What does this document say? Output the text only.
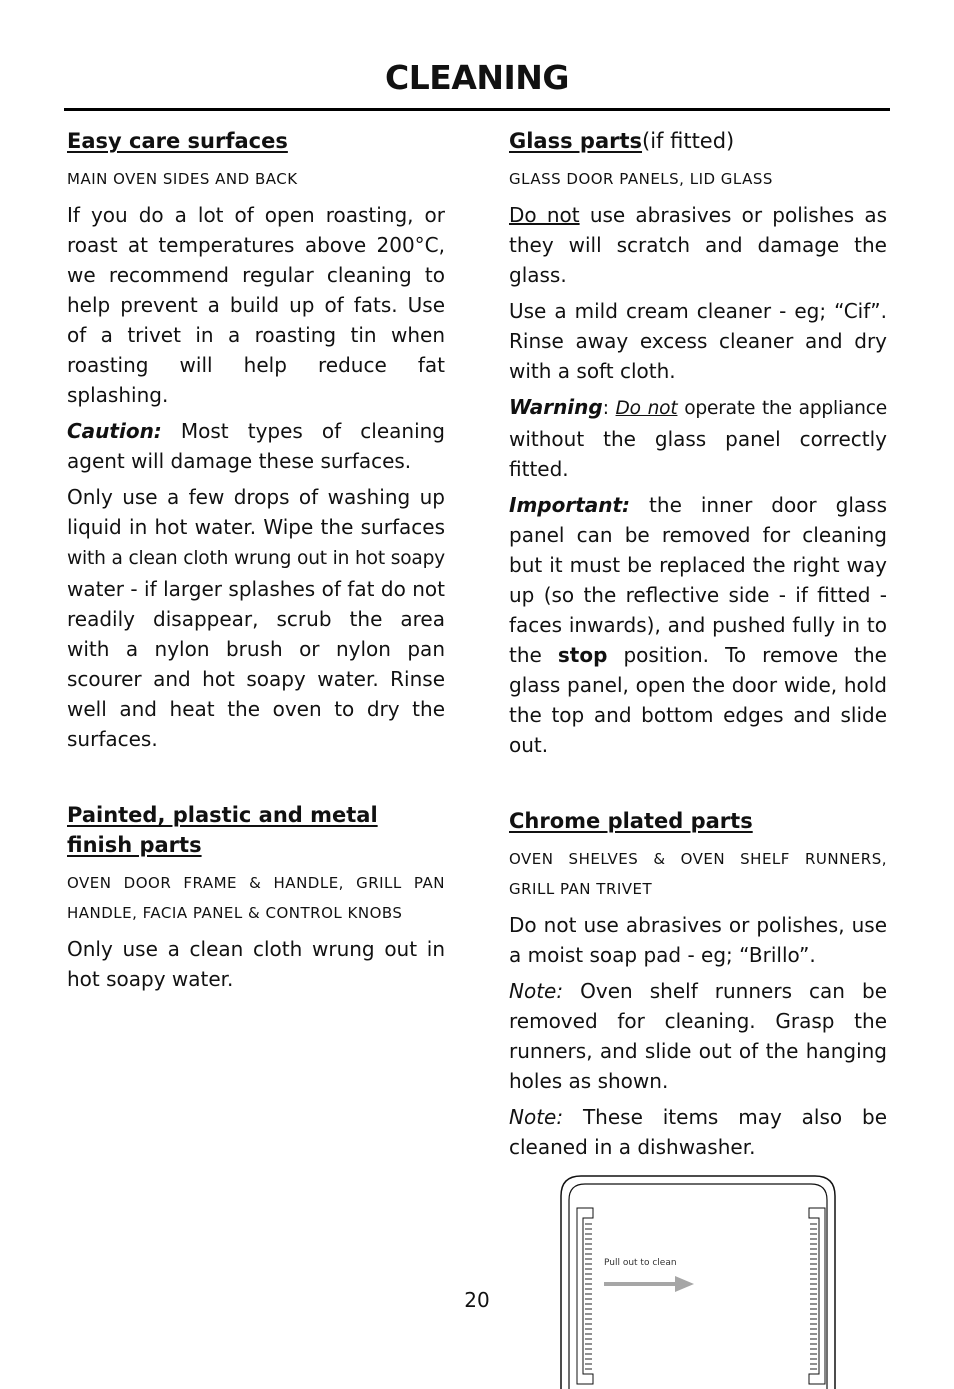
CLEANING
Easy care surfaces
MAIN OVEN SIDES AND BACK

If you do a lot of open roasting, or roast at temperatures above 200°C, we recommend regular cleaning to help prevent a build up of fats. Use of a trivet in a roasting tin when roasting will help reduce fat splashing.

Caution: Most types of cleaning agent will damage these surfaces.

Only use a few drops of washing up liquid in hot water. Wipe the surfaces with a clean cloth wrung out in hot soapy water - if larger splashes of fat do not readily disappear, scrub the area with a nylon brush or nylon pan scourer and hot soapy water. Rinse well and heat the oven to dry the surfaces.

Painted, plastic and metal finish parts
OVEN DOOR FRAME & HANDLE, GRILL PAN HANDLE, FACIA PANEL & CONTROL KNOBS

Only use a clean cloth wrung out in hot soapy water.

Glass parts(if fitted)
GLASS DOOR PANELS, LID GLASS

Do not use abrasives or polishes as they will scratch and damage the glass.

Use a mild cream cleaner - eg; “Cif”. Rinse away excess cleaner and dry with a soft cloth.

Warning: Do not operate the appliance without the glass panel correctly fitted.

Important: the inner door glass panel can be removed for cleaning but it must be replaced the right way up (so the reflective side - if fitted - faces inwards), and pushed fully in to the stop position. To remove the glass panel, open the door wide, hold the top and bottom edges and slide out.

Chrome plated parts
OVEN SHELVES & OVEN SHELF RUNNERS, GRILL PAN TRIVET

Do not use abrasives or polishes, use a moist soap pad - eg; “Brillo”.

Note: Oven shelf runners can be removed for cleaning. Grasp the runners, and slide out of the hanging holes as shown.

Note: These items may also be cleaned in a dishwasher.

Pull out to clean
20
